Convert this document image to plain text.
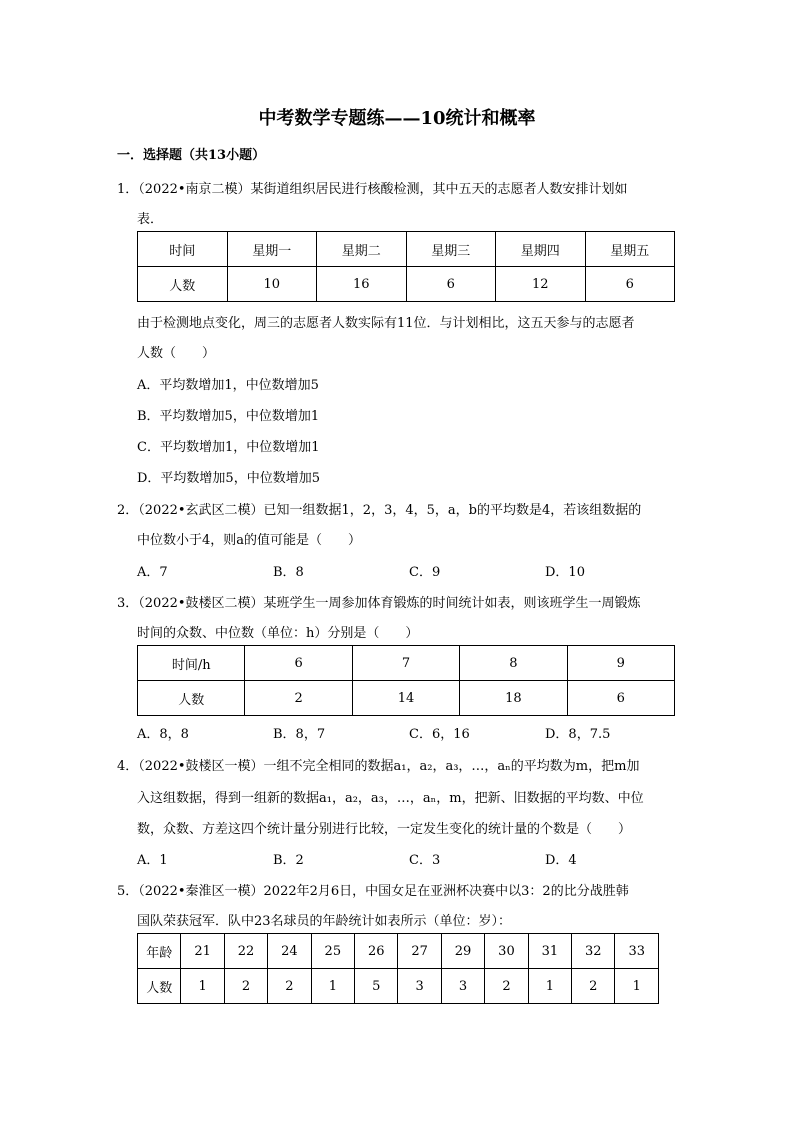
中考数学专题练——10统计和概率
一．选择题（共13小题）
1．（2022•南京二模）某街道组织居民进行核酸检测，其中五天的志愿者人数安排计划如
表．
时间	星期一	星期二	星期三	星期四	星期五
人数	10	16	6	12	6
由于检测地点变化，周三的志愿者人数实际有11位．与计划相比，这五天参与的志愿者
人数（　　）
A．平均数增加1，中位数增加5
B．平均数增加5，中位数增加1
C．平均数增加1，中位数增加1
D．平均数增加5，中位数增加5
2．（2022•玄武区二模）已知一组数据1，2，3，4，5，a，b的平均数是4，若该组数据的
中位数小于4，则a的值可能是（　　）
A．7	B．8	C．9	D．10
3．（2022•鼓楼区二模）某班学生一周参加体育锻炼的时间统计如表，则该班学生一周锻炼
时间的众数、中位数（单位：h）分别是（　　）
时间/h	6	7	8	9
人数	2	14	18	6
A．8，8	B．8，7	C．6，16	D．8，7.5
4．（2022•鼓楼区一模）一组不完全相同的数据a₁，a₂，a₃，…，aₙ的平均数为m，把m加
入这组数据，得到一组新的数据a₁，a₂，a₃，…，aₙ，m，把新、旧数据的平均数、中位
数，众数、方差这四个统计量分别进行比较，一定发生变化的统计量的个数是（　　）
A．1	B．2	C．3	D．4
5．（2022•秦淮区一模）2022年2月6日，中国女足在亚洲杯决赛中以3：2的比分战胜韩
国队荣获冠军．队中23名球员的年龄统计如表所示（单位：岁）：
年龄	21	22	24	25	26	27	29	30	31	32	33
人数	1	2	2	1	5	3	3	2	1	2	1
